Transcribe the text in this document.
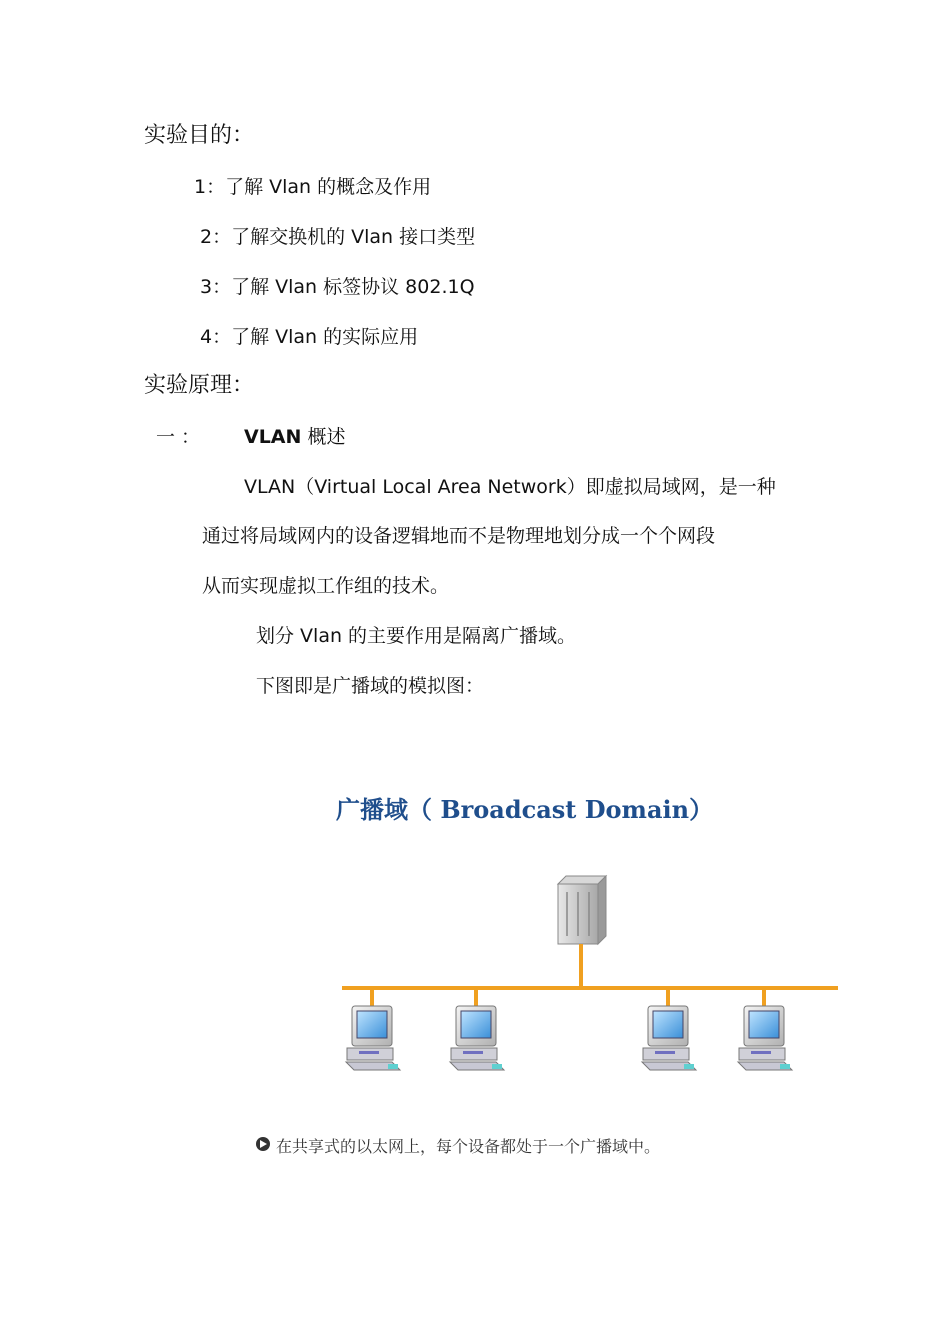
实验目的：
1：了解 Vlan 的概念及作用
2：了解交换机的 Vlan 接口类型
3：了解 Vlan 标签协议 802.1Q
4：了解 Vlan 的实际应用
实验原理：
一 ： VLAN 概述
VLAN（Virtual Local Area Network）即虚拟局域网，是一种
通过将局域网内的设备逻辑地而不是物理地划分成一个个网段
从而实现虚拟工作组的技术。
划分 Vlan 的主要作用是隔离广播域。
下图即是广播域的模拟图：
广播域（ Broadcast Domain）
在共享式的以太网上，每个设备都处于一个广播域中。
